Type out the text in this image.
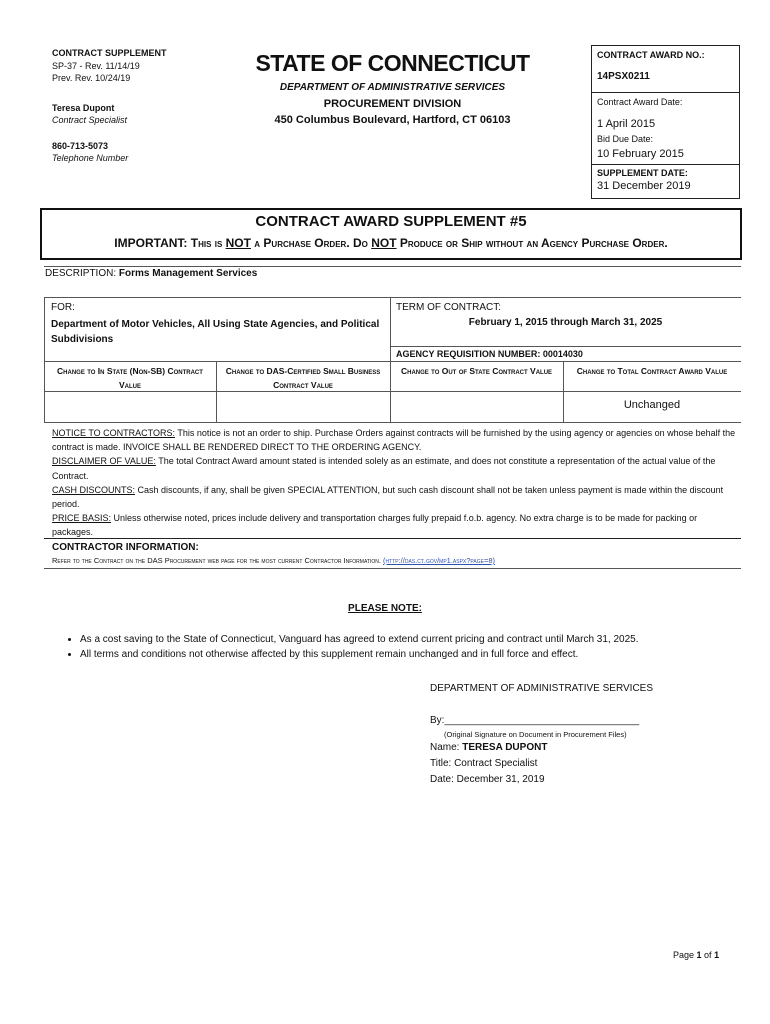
CONTRACT SUPPLEMENT
SP-37 - Rev. 11/14/19
Prev. Rev. 10/24/19
Teresa Dupont
Contract Specialist
860-713-5073
Telephone Number
STATE OF CONNECTICUT
DEPARTMENT OF ADMINISTRATIVE SERVICES
PROCUREMENT DIVISION
450 Columbus Boulevard, Hartford, CT 06103
CONTRACT AWARD NO.:
14PSX0211
Contract Award Date:
1 April 2015
Bid Due Date:
10 February 2015
SUPPLEMENT DATE:
31 December 2019
CONTRACT AWARD SUPPLEMENT #5
IMPORTANT: This is NOT a Purchase Order. Do NOT Produce or Ship without an Agency Purchase Order.
DESCRIPTION: Forms Management Services
FOR:
Department of Motor Vehicles, All Using State Agencies, and Political Subdivisions
TERM OF CONTRACT:
February 1, 2015 through March 31, 2025
AGENCY REQUISITION NUMBER: 00014030
Change to In State (Non-SB) Contract Value
Change to DAS-Certified Small Business Contract Value
Change to Out of State Contract Value	Change to Total Contract Award Value
Unchanged

NOTICE TO CONTRACTORS: This notice is not an order to ship. Purchase Orders against contracts will be furnished by the using agency or agencies on whose behalf the contract is made. INVOICE SHALL BE RENDERED DIRECT TO THE ORDERING AGENCY.

DISCLAIMER OF VALUE: The total Contract Award amount stated is intended solely as an estimate, and does not constitute a representation of the actual value of the Contract.

CASH DISCOUNTS: Cash discounts, if any, shall be given SPECIAL ATTENTION, but such cash discount shall not be taken unless payment is made within the discount period.

PRICE BASIS: Unless otherwise noted, prices include delivery and transportation charges fully prepaid f.o.b. agency. No extra charge is to be made for packing or packages.

CONTRACTOR INFORMATION:
Refer to the Contract on the DAS Procurement web page for the most current Contractor Information. (http://das.ct.gov/mp1.aspx?page=8)
PLEASE NOTE:
• As a cost saving to the State of Connecticut, Vanguard has agreed to extend current pricing and contract until March 31, 2025.
• All terms and conditions not otherwise affected by this supplement remain unchanged and in full force and effect.
DEPARTMENT OF ADMINISTRATIVE SERVICES
By:___________________________________
(Original Signature on Document in Procurement Files)
Name: TERESA DUPONT
Title: Contract Specialist
Date: December 31, 2019
Page 1 of 1
